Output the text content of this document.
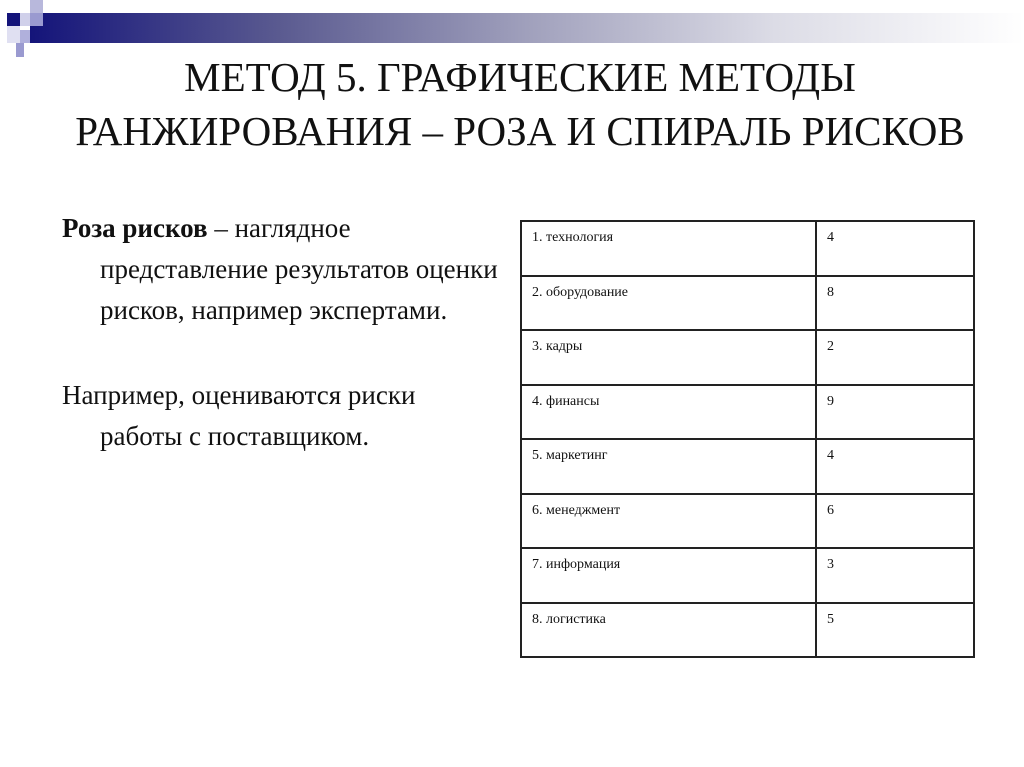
МЕТОД 5. ГРАФИЧЕСКИЕ МЕТОДЫ РАНЖИРОВАНИЯ – РОЗА И СПИРАЛЬ РИСКОВ

Роза рисков – наглядное представление результатов оценки рисков, например экспертами.

Например, оцениваются риски работы с поставщиком.

1. технология	4
2. оборудование	8
3. кадры	2
4. финансы	9
5. маркетинг	4
6. менеджмент	6
7. информация	3
8. логистика	5
